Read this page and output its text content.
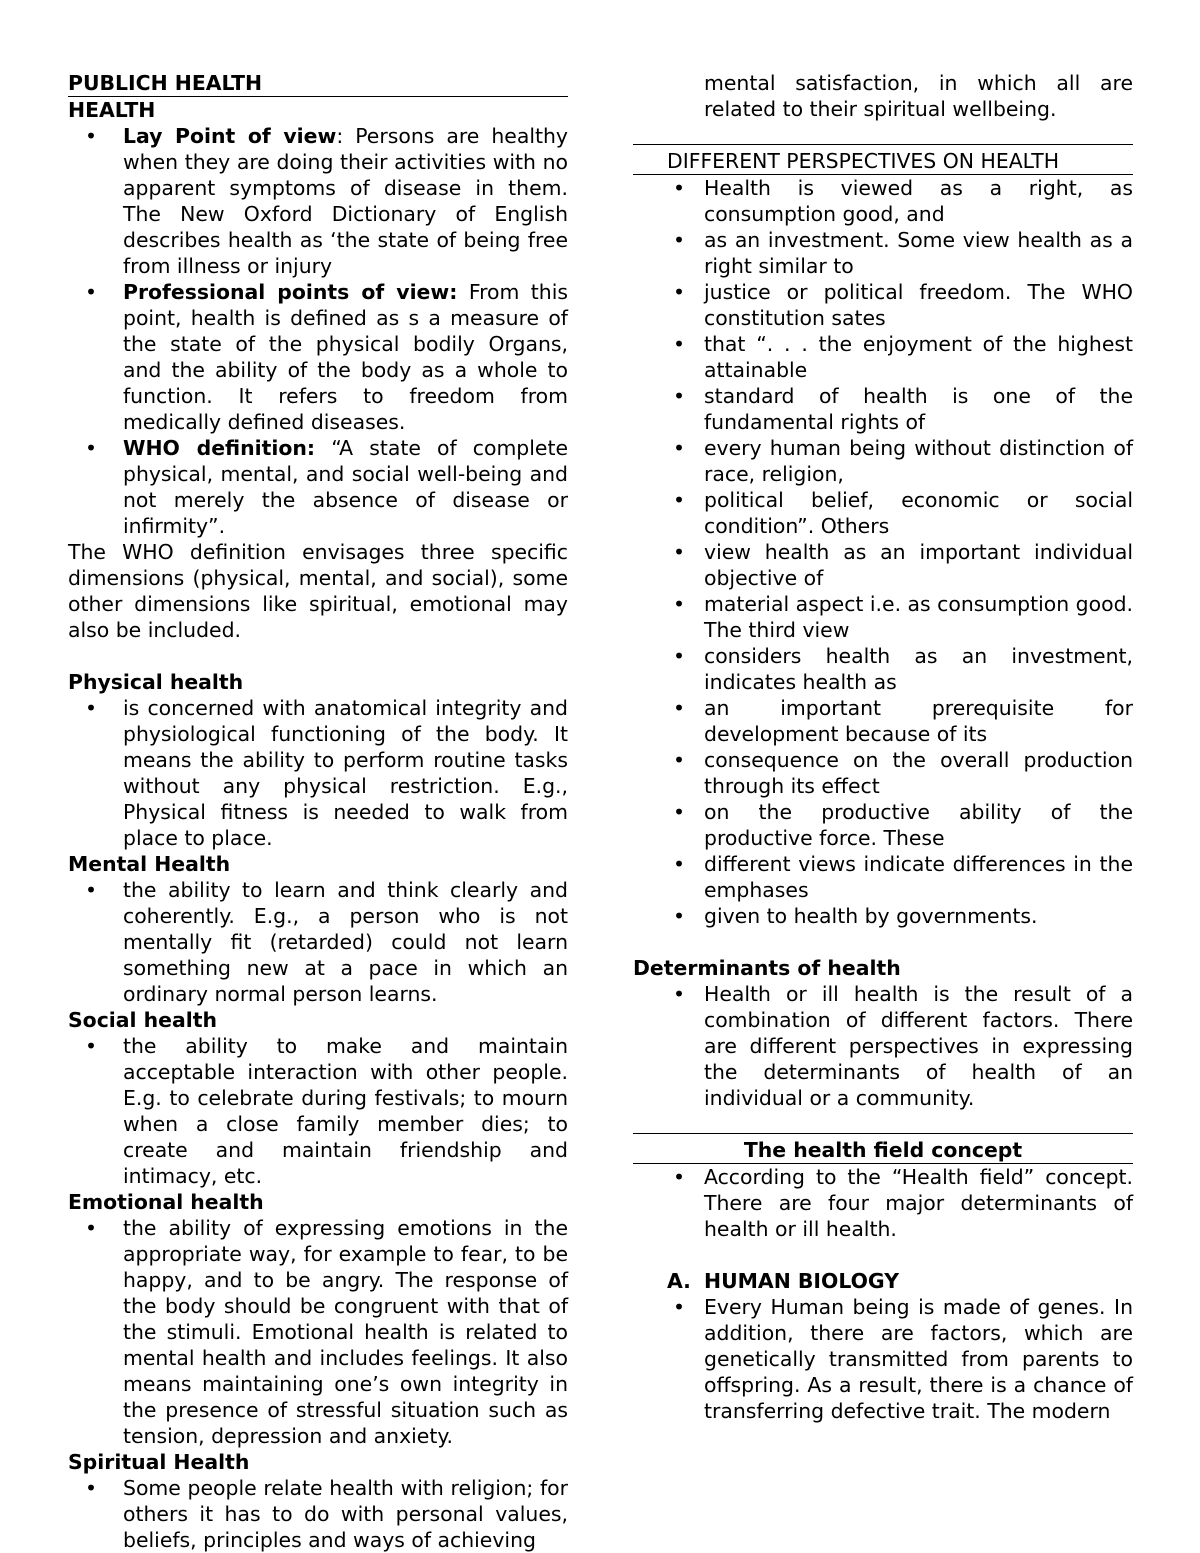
PUBLICH HEALTH
HEALTH
• Lay Point of view: Persons are healthy when they are doing their activities with no apparent symptoms of disease in them. The New Oxford Dictionary of English describes health as ‘the state of being free from illness or injury
• Professional points of view: From this point, health is defined as s a measure of the state of the physical bodily Organs, and the ability of the body as a whole to function. It refers to freedom from medically defined diseases.
• WHO definition: “A state of complete physical, mental, and social well-being and not merely the absence of disease or infirmity”.
The WHO definition envisages three specific dimensions (physical, mental, and social), some other dimensions like spiritual, emotional may also be included.
Physical health
• is concerned with anatomical integrity and physiological functioning of the body. It means the ability to perform routine tasks without any physical restriction. E.g., Physical fitness is needed to walk from place to place.
Mental Health
• the ability to learn and think clearly and coherently. E.g., a person who is not mentally fit (retarded) could not learn something new at a pace in which an ordinary normal person learns.
Social health
• the ability to make and maintain acceptable interaction with other people. E.g. to celebrate during festivals; to mourn when a close family member dies; to create and maintain friendship and intimacy, etc.
Emotional health
• the ability of expressing emotions in the appropriate way, for example to fear, to be happy, and to be angry. The response of the body should be congruent with that of the stimuli. Emotional health is related to mental health and includes feelings. It also means maintaining one’s own integrity in the presence of stressful situation such as tension, depression and anxiety.
Spiritual Health
• Some people relate health with religion; for others it has to do with personal values, beliefs, principles and ways of achieving
mental satisfaction, in which all are related to their spiritual wellbeing.
DIFFERENT PERSPECTIVES ON HEALTH
• Health is viewed as a right, as consumption good, and
• as an investment. Some view health as a right similar to
• justice or political freedom. The WHO constitution sates
• that “. . . the enjoyment of the highest attainable
• standard of health is one of the fundamental rights of
• every human being without distinction of race, religion,
• political belief, economic or social condition”. Others
• view health as an important individual objective of
• material aspect i.e. as consumption good. The third view
• considers health as an investment, indicates health as
• an important prerequisite for development because of its
• consequence on the overall production through its effect
• on the productive ability of the productive force. These
• different views indicate differences in the emphases
• given to health by governments.
Determinants of health
• Health or ill health is the result of a combination of different factors. There are different perspectives in expressing the determinants of health of an individual or a community.
The health field concept
• According to the “Health field” concept. There are four major determinants of health or ill health.
A. HUMAN BIOLOGY
• Every Human being is made of genes. In addition, there are factors, which are genetically transmitted from parents to offspring. As a result, there is a chance of transferring defective trait. The modern
